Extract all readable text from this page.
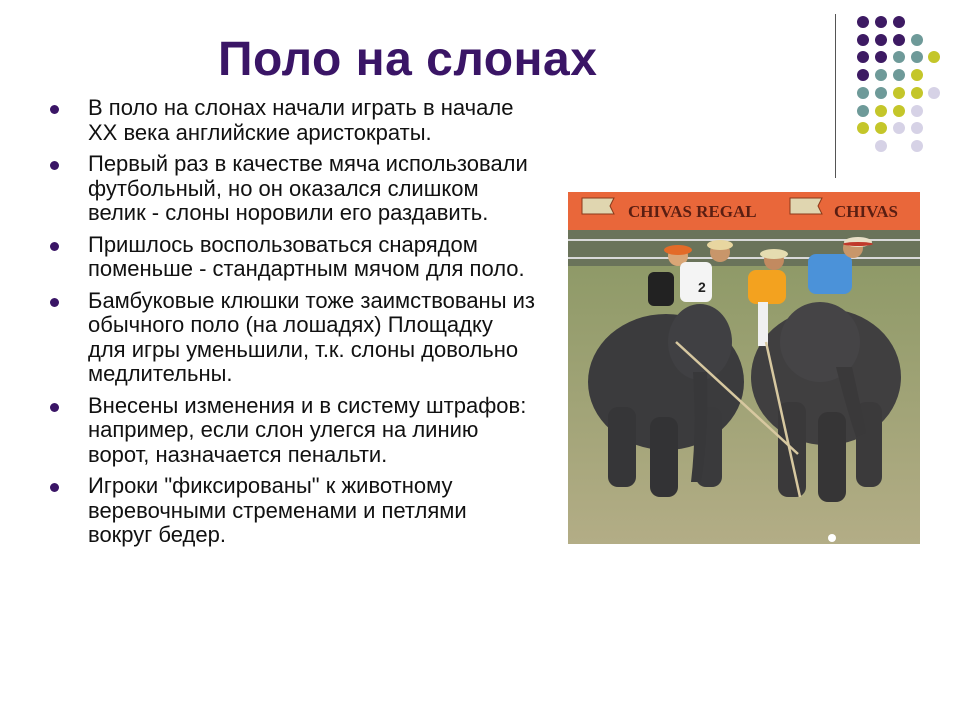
Поло на слонах
В поло на слонах начали играть в начале XX века английские аристократы.
Первый раз в качестве мяча использовали футбольный, но он оказался слишком велик - слоны норовили его раздавить.
Пришлось воспользоваться снарядом поменьше - стандартным мячом для поло.
Бамбуковые клюшки тоже заимствованы из обычного поло (на лошадях) Площадку для игры уменьшили, т.к. слоны довольно медлительны.
Внесены изменения и в систему штрафов: например, если слон улегся на линию ворот, назначается пенальти.
Игроки "фиксированы" к животному веревочными стременами и петлями вокруг бедер.
CHIVAS REGAL	CHIVAS
2
